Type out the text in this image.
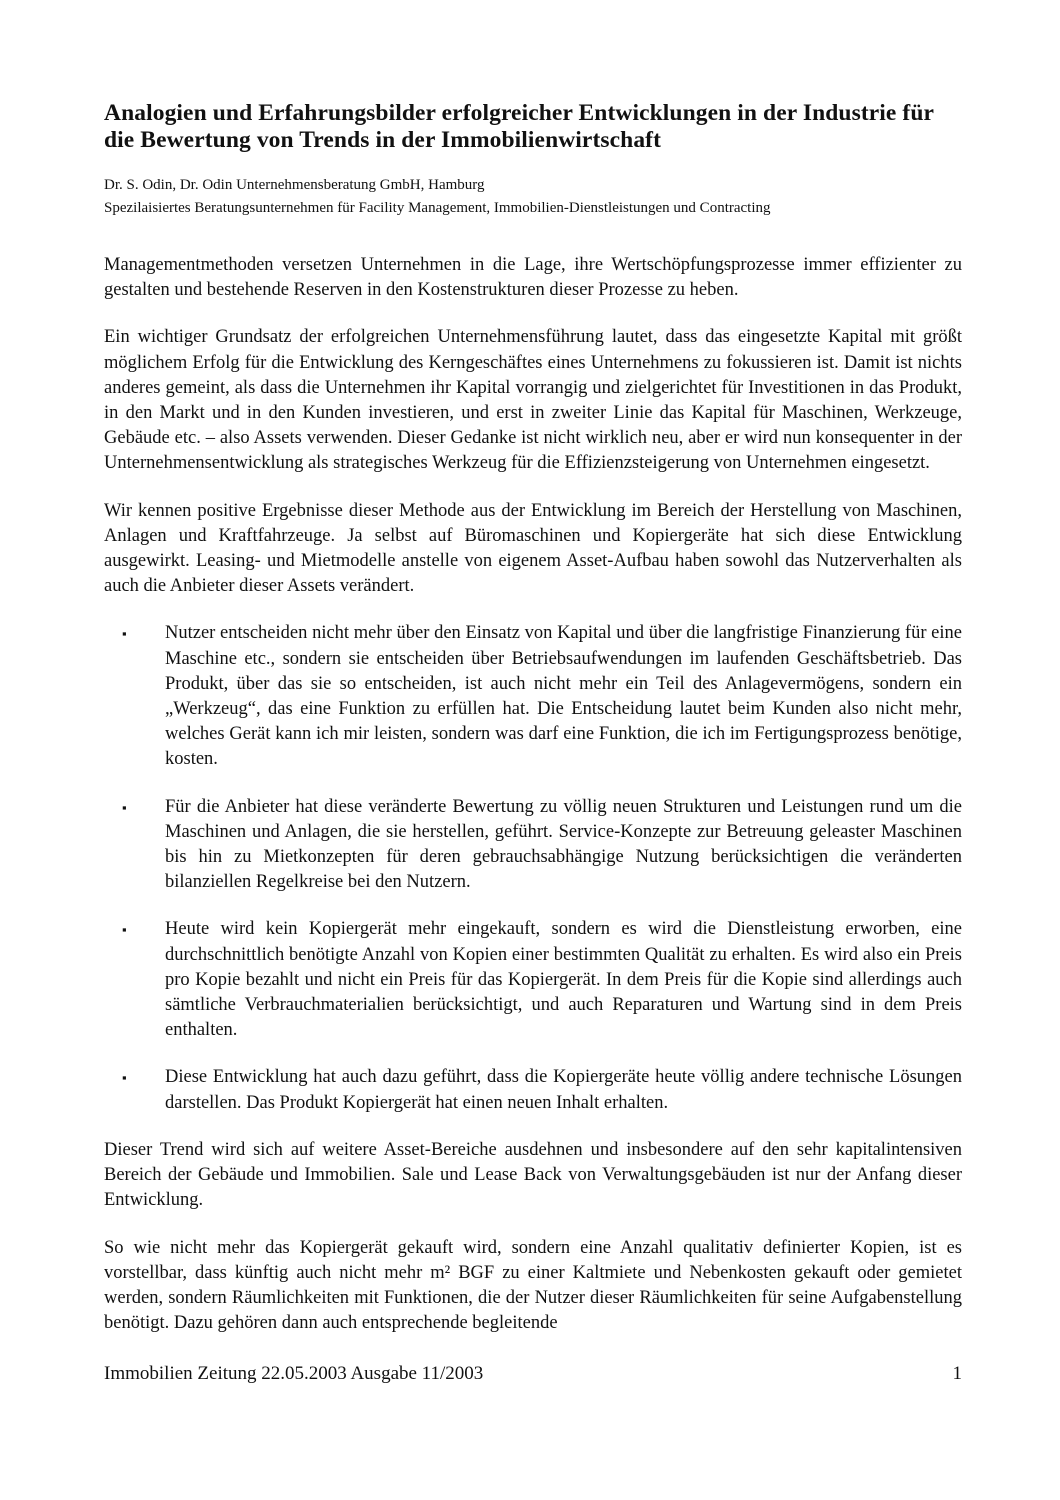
Analogien und Erfahrungsbilder erfolgreicher Entwicklungen in der Industrie für die Bewertung von Trends in der Immobilienwirtschaft
Dr. S. Odin, Dr. Odin Unternehmensberatung GmbH, Hamburg
Spezilaisiertes Beratungsunternehmen für Facility Management, Immobilien-Dienstleistungen und Contracting

Managementmethoden versetzen Unternehmen in die Lage, ihre Wertschöpfungsprozesse immer effizienter zu gestalten und bestehende Reserven in den Kostenstrukturen dieser Prozesse zu heben.

Ein wichtiger Grundsatz der erfolgreichen Unternehmensführung lautet, dass das eingesetzte Kapital mit größt möglichem Erfolg für die Entwicklung des Kerngeschäftes eines Unternehmens zu fokussieren ist. Damit ist nichts anderes gemeint, als dass die Unternehmen ihr Kapital vorrangig und zielgerichtet für Investitionen in das Produkt, in den Markt und in den Kunden investieren, und erst in zweiter Linie das Kapital für Maschinen, Werkzeuge, Gebäude etc. – also Assets verwenden. Dieser Gedanke ist nicht wirklich neu, aber er wird nun konsequenter in der Unternehmensentwicklung als strategisches Werkzeug für die Effizienzsteigerung von Unternehmen eingesetzt.

Wir kennen positive Ergebnisse dieser Methode aus der Entwicklung im Bereich der Herstellung von Maschinen, Anlagen und Kraftfahrzeuge. Ja selbst auf Büromaschinen und Kopiergeräte hat sich diese Entwicklung ausgewirkt. Leasing- und Mietmodelle anstelle von eigenem Asset-Aufbau haben sowohl das Nutzerverhalten als auch die Anbieter dieser Assets verändert.

▪ Nutzer entscheiden nicht mehr über den Einsatz von Kapital und über die langfristige Finanzierung für eine Maschine etc., sondern sie entscheiden über Betriebsaufwendungen im laufenden Geschäftsbetrieb. Das Produkt, über das sie so entscheiden, ist auch nicht mehr ein Teil des Anlagevermögens, sondern ein „Werkzeug“, das eine Funktion zu erfüllen hat. Die Entscheidung lautet beim Kunden also nicht mehr, welches Gerät kann ich mir leisten, sondern was darf eine Funktion, die ich im Fertigungsprozess benötige, kosten.
▪ Für die Anbieter hat diese veränderte Bewertung zu völlig neuen Strukturen und Leistungen rund um die Maschinen und Anlagen, die sie herstellen, geführt. Service-Konzepte zur Betreuung geleaster Maschinen bis hin zu Mietkonzepten für deren gebrauchsabhängige Nutzung berücksichtigen die veränderten bilanziellen Regelkreise bei den Nutzern.
▪ Heute wird kein Kopiergerät mehr eingekauft, sondern es wird die Dienstleistung erworben, eine durchschnittlich benötigte Anzahl von Kopien einer bestimmten Qualität zu erhalten. Es wird also ein Preis pro Kopie bezahlt und nicht ein Preis für das Kopiergerät. In dem Preis für die Kopie sind allerdings auch sämtliche Verbrauchmaterialien berücksichtigt, und auch Reparaturen und Wartung sind in dem Preis enthalten.
▪ Diese Entwicklung hat auch dazu geführt, dass die Kopiergeräte heute völlig andere technische Lösungen darstellen. Das Produkt Kopiergerät hat einen neuen Inhalt erhalten.

Dieser Trend wird sich auf weitere Asset-Bereiche ausdehnen und insbesondere auf den sehr kapitalintensiven Bereich der Gebäude und Immobilien. Sale und Lease Back von Verwaltungsgebäuden ist nur der Anfang dieser Entwicklung.

So wie nicht mehr das Kopiergerät gekauft wird, sondern eine Anzahl qualitativ definierter Kopien, ist es vorstellbar, dass künftig auch nicht mehr m² BGF zu einer Kaltmiete und Nebenkosten gekauft oder gemietet werden, sondern Räumlichkeiten mit Funktionen, die der Nutzer dieser Räumlichkeiten für seine Aufgabenstellung benötigt. Dazu gehören dann auch entsprechende begleitende

Immobilien Zeitung 22.05.2003 Ausgabe 11/2003	1
